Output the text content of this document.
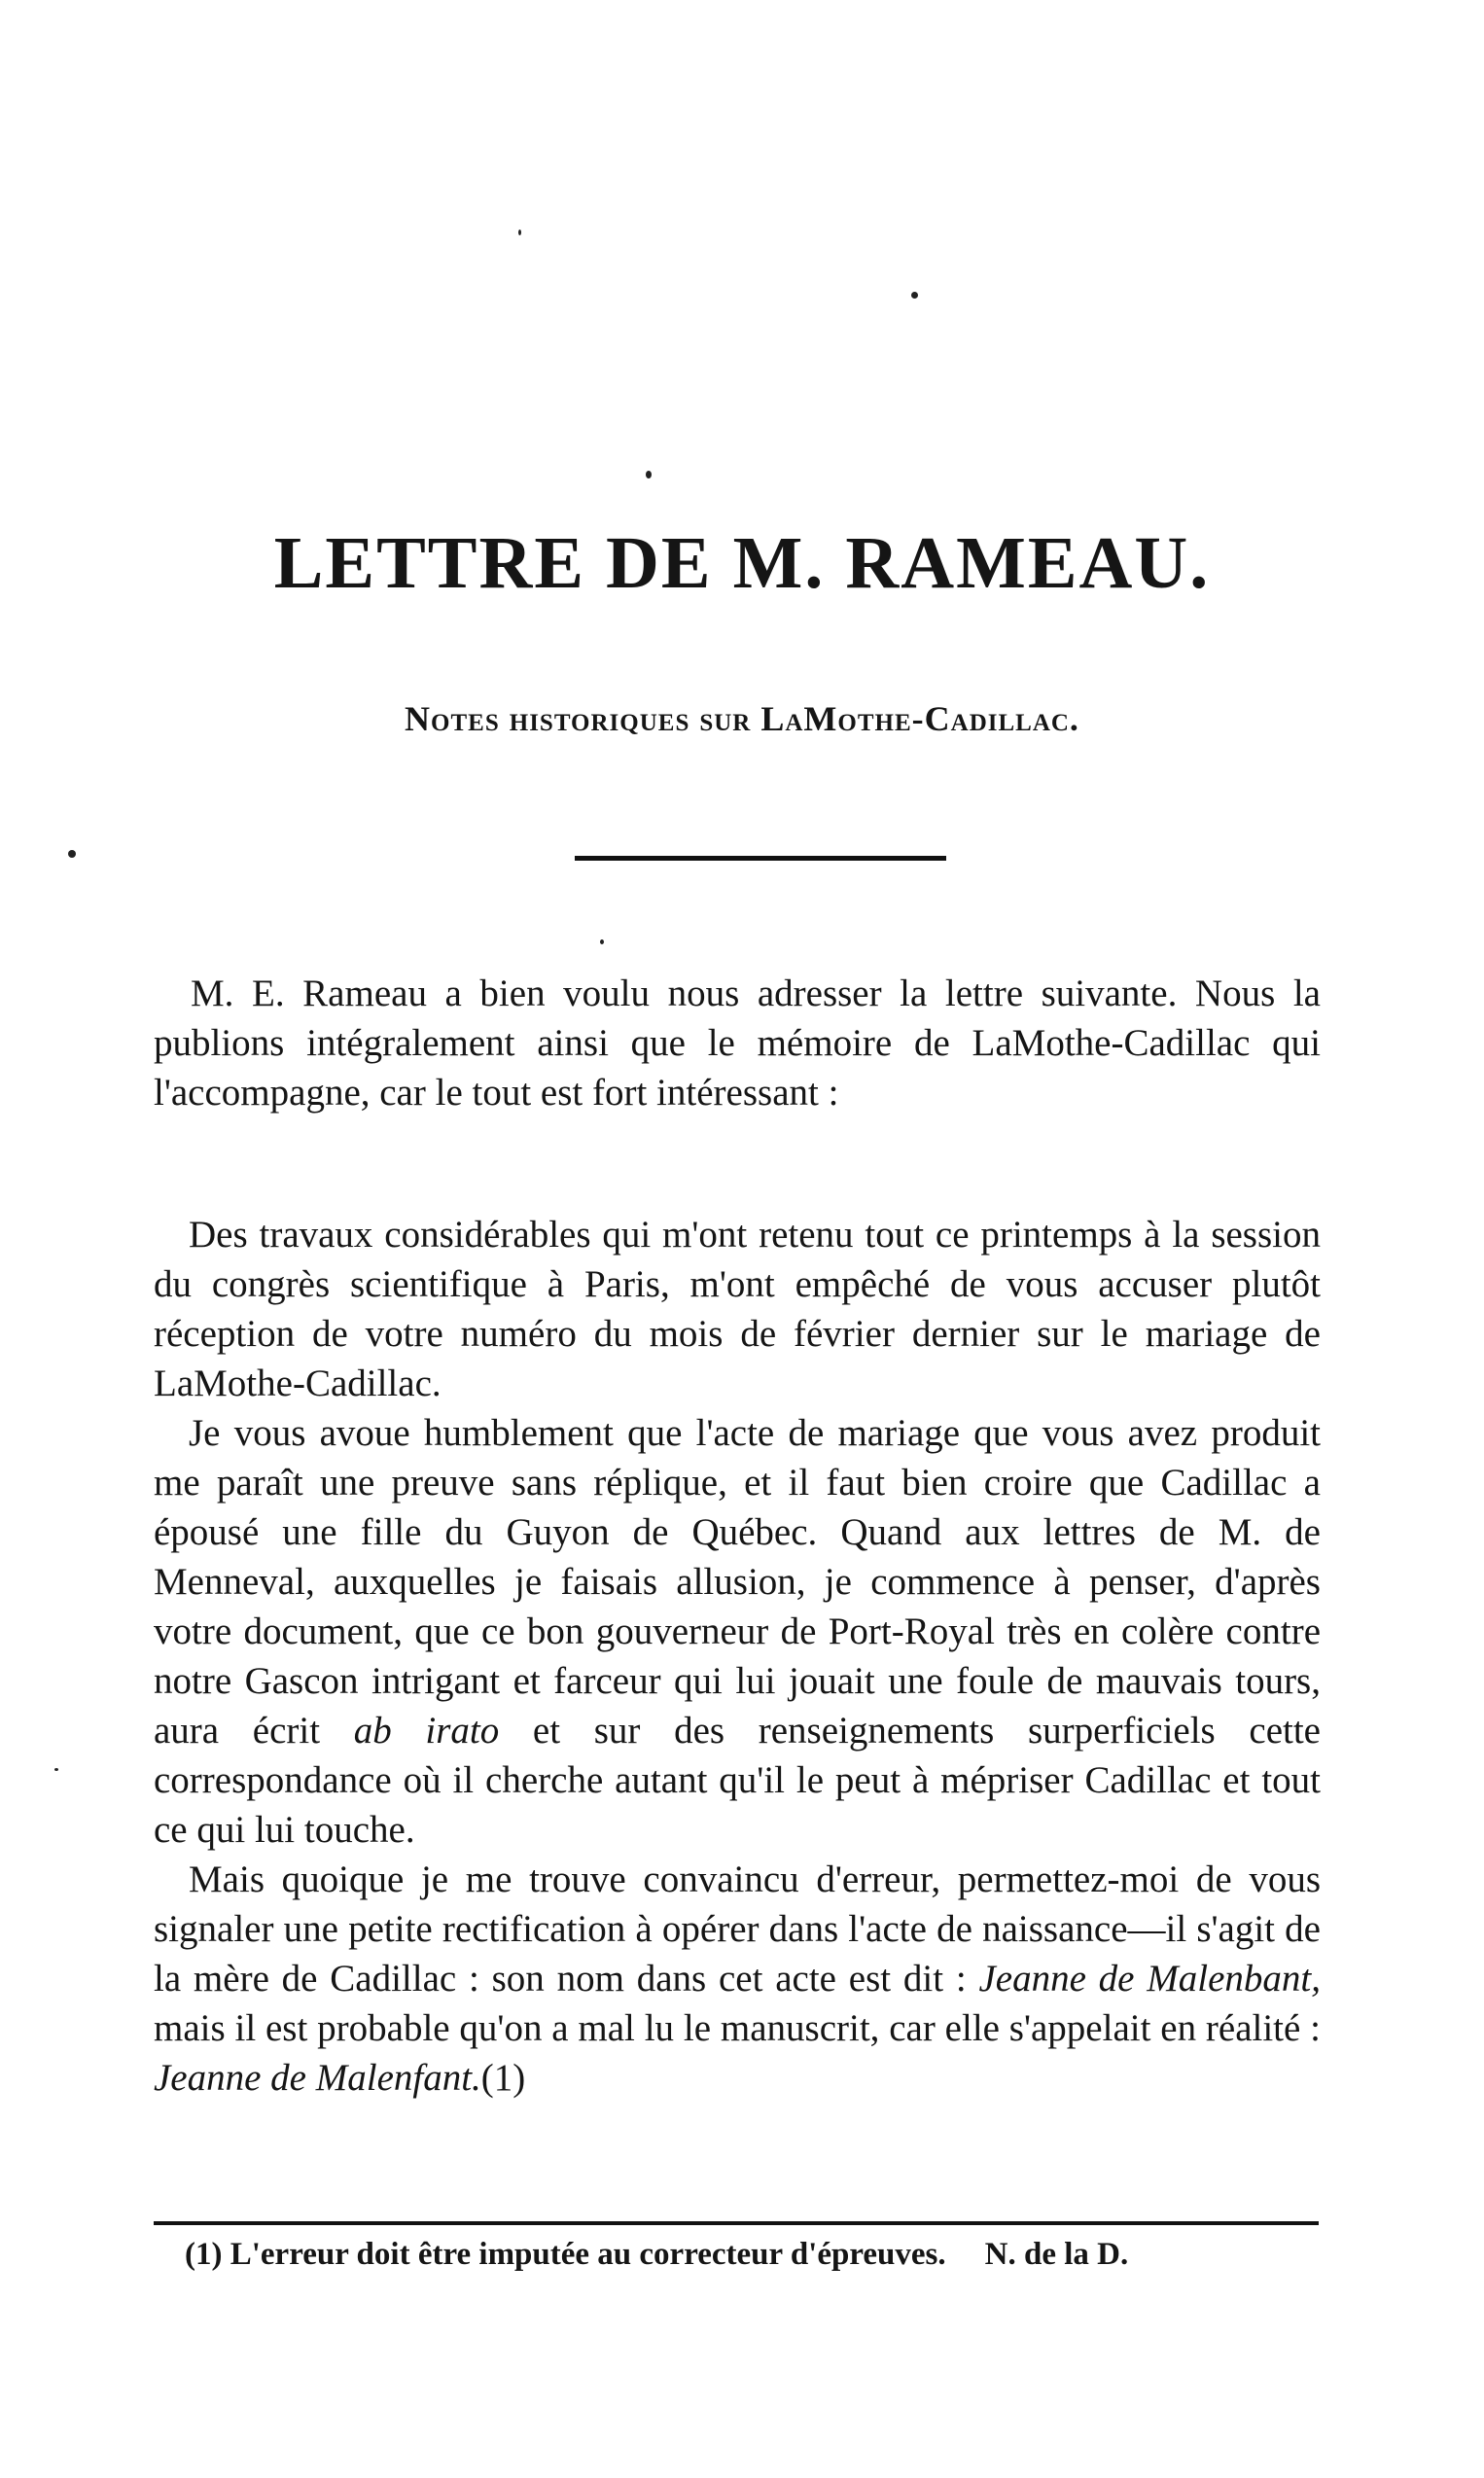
LETTRE DE M. RAMEAU.
Notes historiques sur LaMothe-Cadillac.

M. E. Rameau a bien voulu nous adresser la lettre suivante. Nous la publions intégralement ainsi que le mémoire de LaMothe-Cadillac qui l'accompagne, car le tout est fort intéressant :

Des travaux considérables qui m'ont retenu tout ce printemps à la session du congrès scientifique à Paris, m'ont empêché de vous accuser plutôt réception de votre numéro du mois de février dernier sur le mariage de LaMothe-Cadillac.

Je vous avoue humblement que l'acte de mariage que vous avez produit me paraît une preuve sans réplique, et il faut bien croire que Cadillac a épousé une fille du Guyon de Québec. Quand aux lettres de M. de Menneval, auxquelles je faisais allusion, je commence à penser, d'après votre document, que ce bon gouverneur de Port-Royal très en colère contre notre Gascon intrigant et farceur qui lui jouait une foule de mauvais tours, aura écrit ab irato et sur des renseignements surperficiels cette correspondance où il cherche autant qu'il le peut à mépriser Cadillac et tout ce qui lui touche.

Mais quoique je me trouve convaincu d'erreur, permettez-moi de vous signaler une petite rectification à opérer dans l'acte de naissance—il s'agit de la mère de Cadillac : son nom dans cet acte est dit : Jeanne de Malenbant, mais il est probable qu'on a mal lu le manuscrit, car elle s'appelait en réalité : Jeanne de Malenfant.(1)

(1) L'erreur doit être imputée au correcteur d'épreuves. N. de la D.
